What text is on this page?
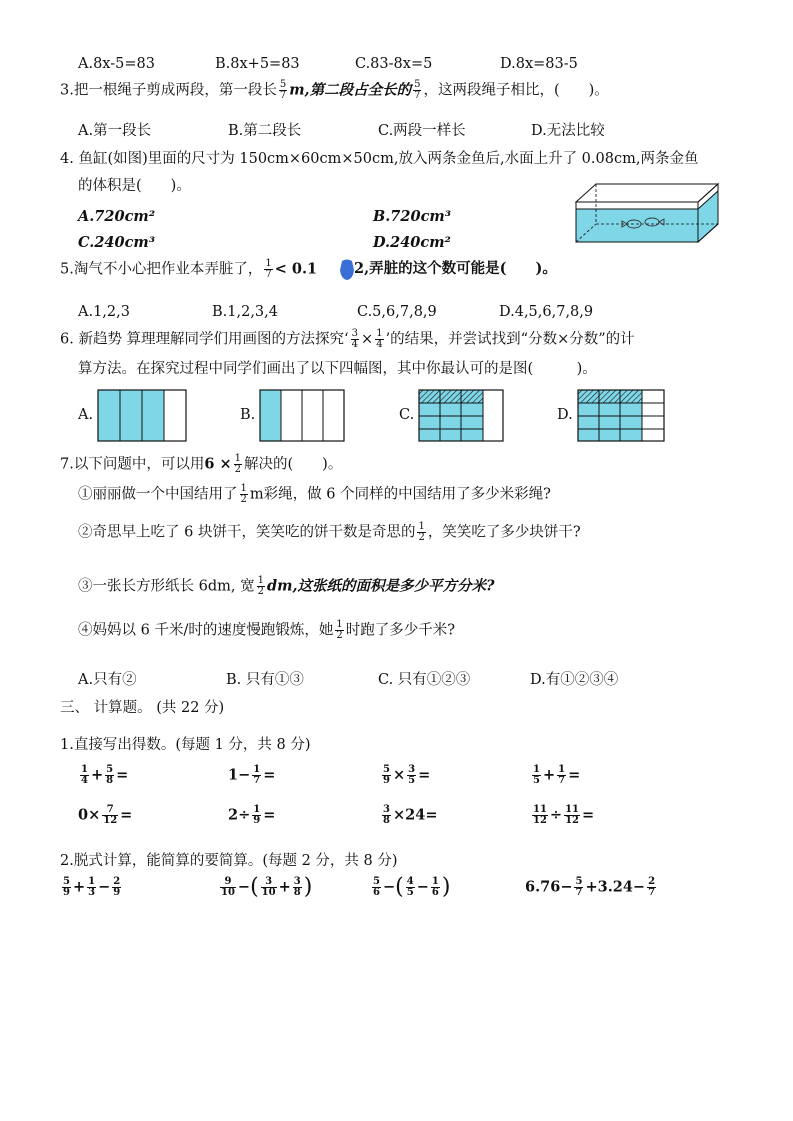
A.8x-5=83	B.8x+5=83	C.83-8x=5	D.8x=83-5
3.把一根绳子剪成两段，第一段长 $\frac{5}{7} m$,第二段占全长的 $\frac{5}{7}$ ，这两段绳子相比，(　　)。
A.第一段长	B.第二段长	C.两段一样长	D.无法比较
4. 鱼缸(如图)里面的尺寸为 150cm×60cm×50cm,放入两条金鱼后,水面上升了 0.08cm,两条金鱼
的体积是(　　)。
A.720cm²	B.720cm³
C.240cm³	D.240cm²
5.淘气不小心把作业本弄脏了， $\frac{1}{7} < 0.1$	2,弄脏的这个数可能是(　　)。
A.1,2,3	B.1,2,3,4	C.5,6,7,8,9	D.4,5,6,7,8,9
6. 新趋势 算理理解同学们用画图的方法探究‘ $\frac{3}{4} \times \frac{1}{4}$ ’的结果，并尝试找到“分数×分数”的计
算方法。在探究过程中同学们画出了以下四幅图，其中你最认可的是图(　　　)。
A.	B.	C.	D.
7.以下问题中，可以用$6 \times \frac{1}{2}$ 解决的(　　)。
①丽丽做一个中国结用了 $\frac{1}{2}$ m彩绳，做 6 个同样的中国结用了多少米彩绳?
②奇思早上吃了 6 块饼干，笑笑吃的饼干数是奇思的 $\frac{1}{2}$ ，笑笑吃了多少块饼干?
③一张长方形纸长 6dm, 宽 $\frac{1}{2}$ dm,这张纸的面积是多少平方分米?
④妈妈以 6 千米/时的速度慢跑锻炼，她 $\frac{1}{2}$ 时跑了多少千米?
A.只有②	B. 只有①③	C. 只有①②③	D.有①②③④
三、 计算题。 (共 22 分)
1.直接写出得数。(每题 1 分，共 8 分)
$\frac{1}{4} + \frac{5}{8}$ =	$1- \frac{1}{7}$ =	$\frac{5}{9} \times \frac{3}{5}$ =	$\frac{1}{5} + \frac{1}{7}$ =
$0\times \frac{7}{12}$ =	$2\div \frac{1}{9}$ =	$\frac{3}{8} \times 24=$	$\frac{11}{12} \div \frac{11}{12}$ =
2.脱式计算，能简算的要简算。(每题 2 分，共 8 分)
$\frac{5}{9} + \frac{1}{3} - \frac{2}{9}$	$\frac{9}{10}$ −( $\frac{3}{10} + \frac{3}{8}$ )	$\frac{5}{6}$ −( $\frac{4}{5} - \frac{1}{6}$ )	$6.76- \frac{5}{7} +3.24- \frac{2}{7}$
